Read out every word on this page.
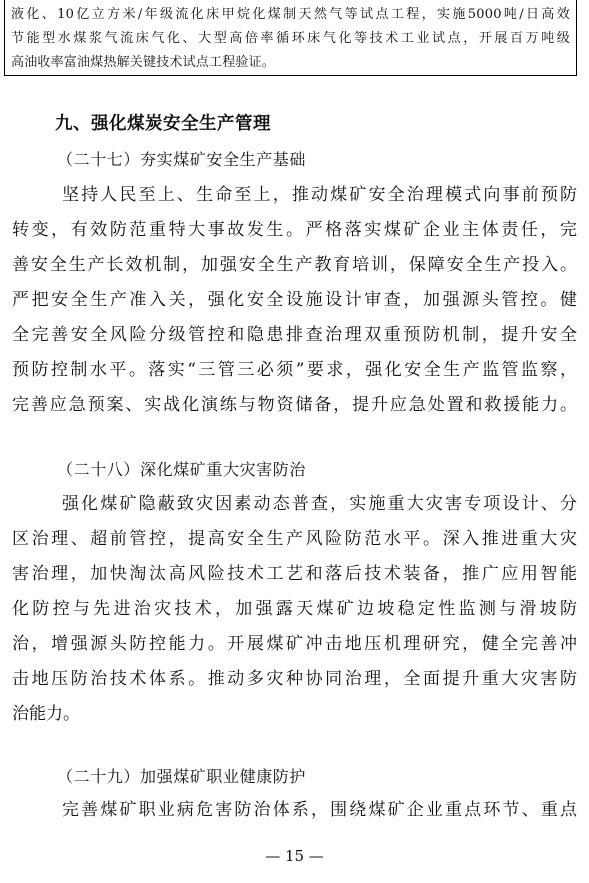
液化、10亿立方米/年级流化床甲烷化煤制天然气等试点工程，实施5000吨/日高效
节能型水煤浆气流床气化、大型高倍率循环床气化等技术工业试点，开展百万吨级
高油收率富油煤热解关键技术试点工程验证。
九、强化煤炭安全生产管理
（二十七）夯实煤矿安全生产基础
坚持人民至上、生命至上，推动煤矿安全治理模式向事前预防
转变，有效防范重特大事故发生。严格落实煤矿企业主体责任，完
善安全生产长效机制，加强安全生产教育培训，保障安全生产投入。
严把安全生产准入关，强化安全设施设计审查，加强源头管控。健
全完善安全风险分级管控和隐患排查治理双重预防机制，提升安全
预防控制水平。落实“三管三必须”要求，强化安全生产监管监察，
完善应急预案、实战化演练与物资储备，提升应急处置和救援能力。
（二十八）深化煤矿重大灾害防治
强化煤矿隐蔽致灾因素动态普查，实施重大灾害专项设计、分
区治理、超前管控，提高安全生产风险防范水平。深入推进重大灾
害治理，加快淘汰高风险技术工艺和落后技术装备，推广应用智能
化防控与先进治灾技术，加强露天煤矿边坡稳定性监测与滑坡防
治，增强源头防控能力。开展煤矿冲击地压机理研究，健全完善冲
击地压防治技术体系。推动多灾种协同治理，全面提升重大灾害防
治能力。
（二十九）加强煤矿职业健康防护
完善煤矿职业病危害防治体系，围绕煤矿企业重点环节、重点
— 15 —
